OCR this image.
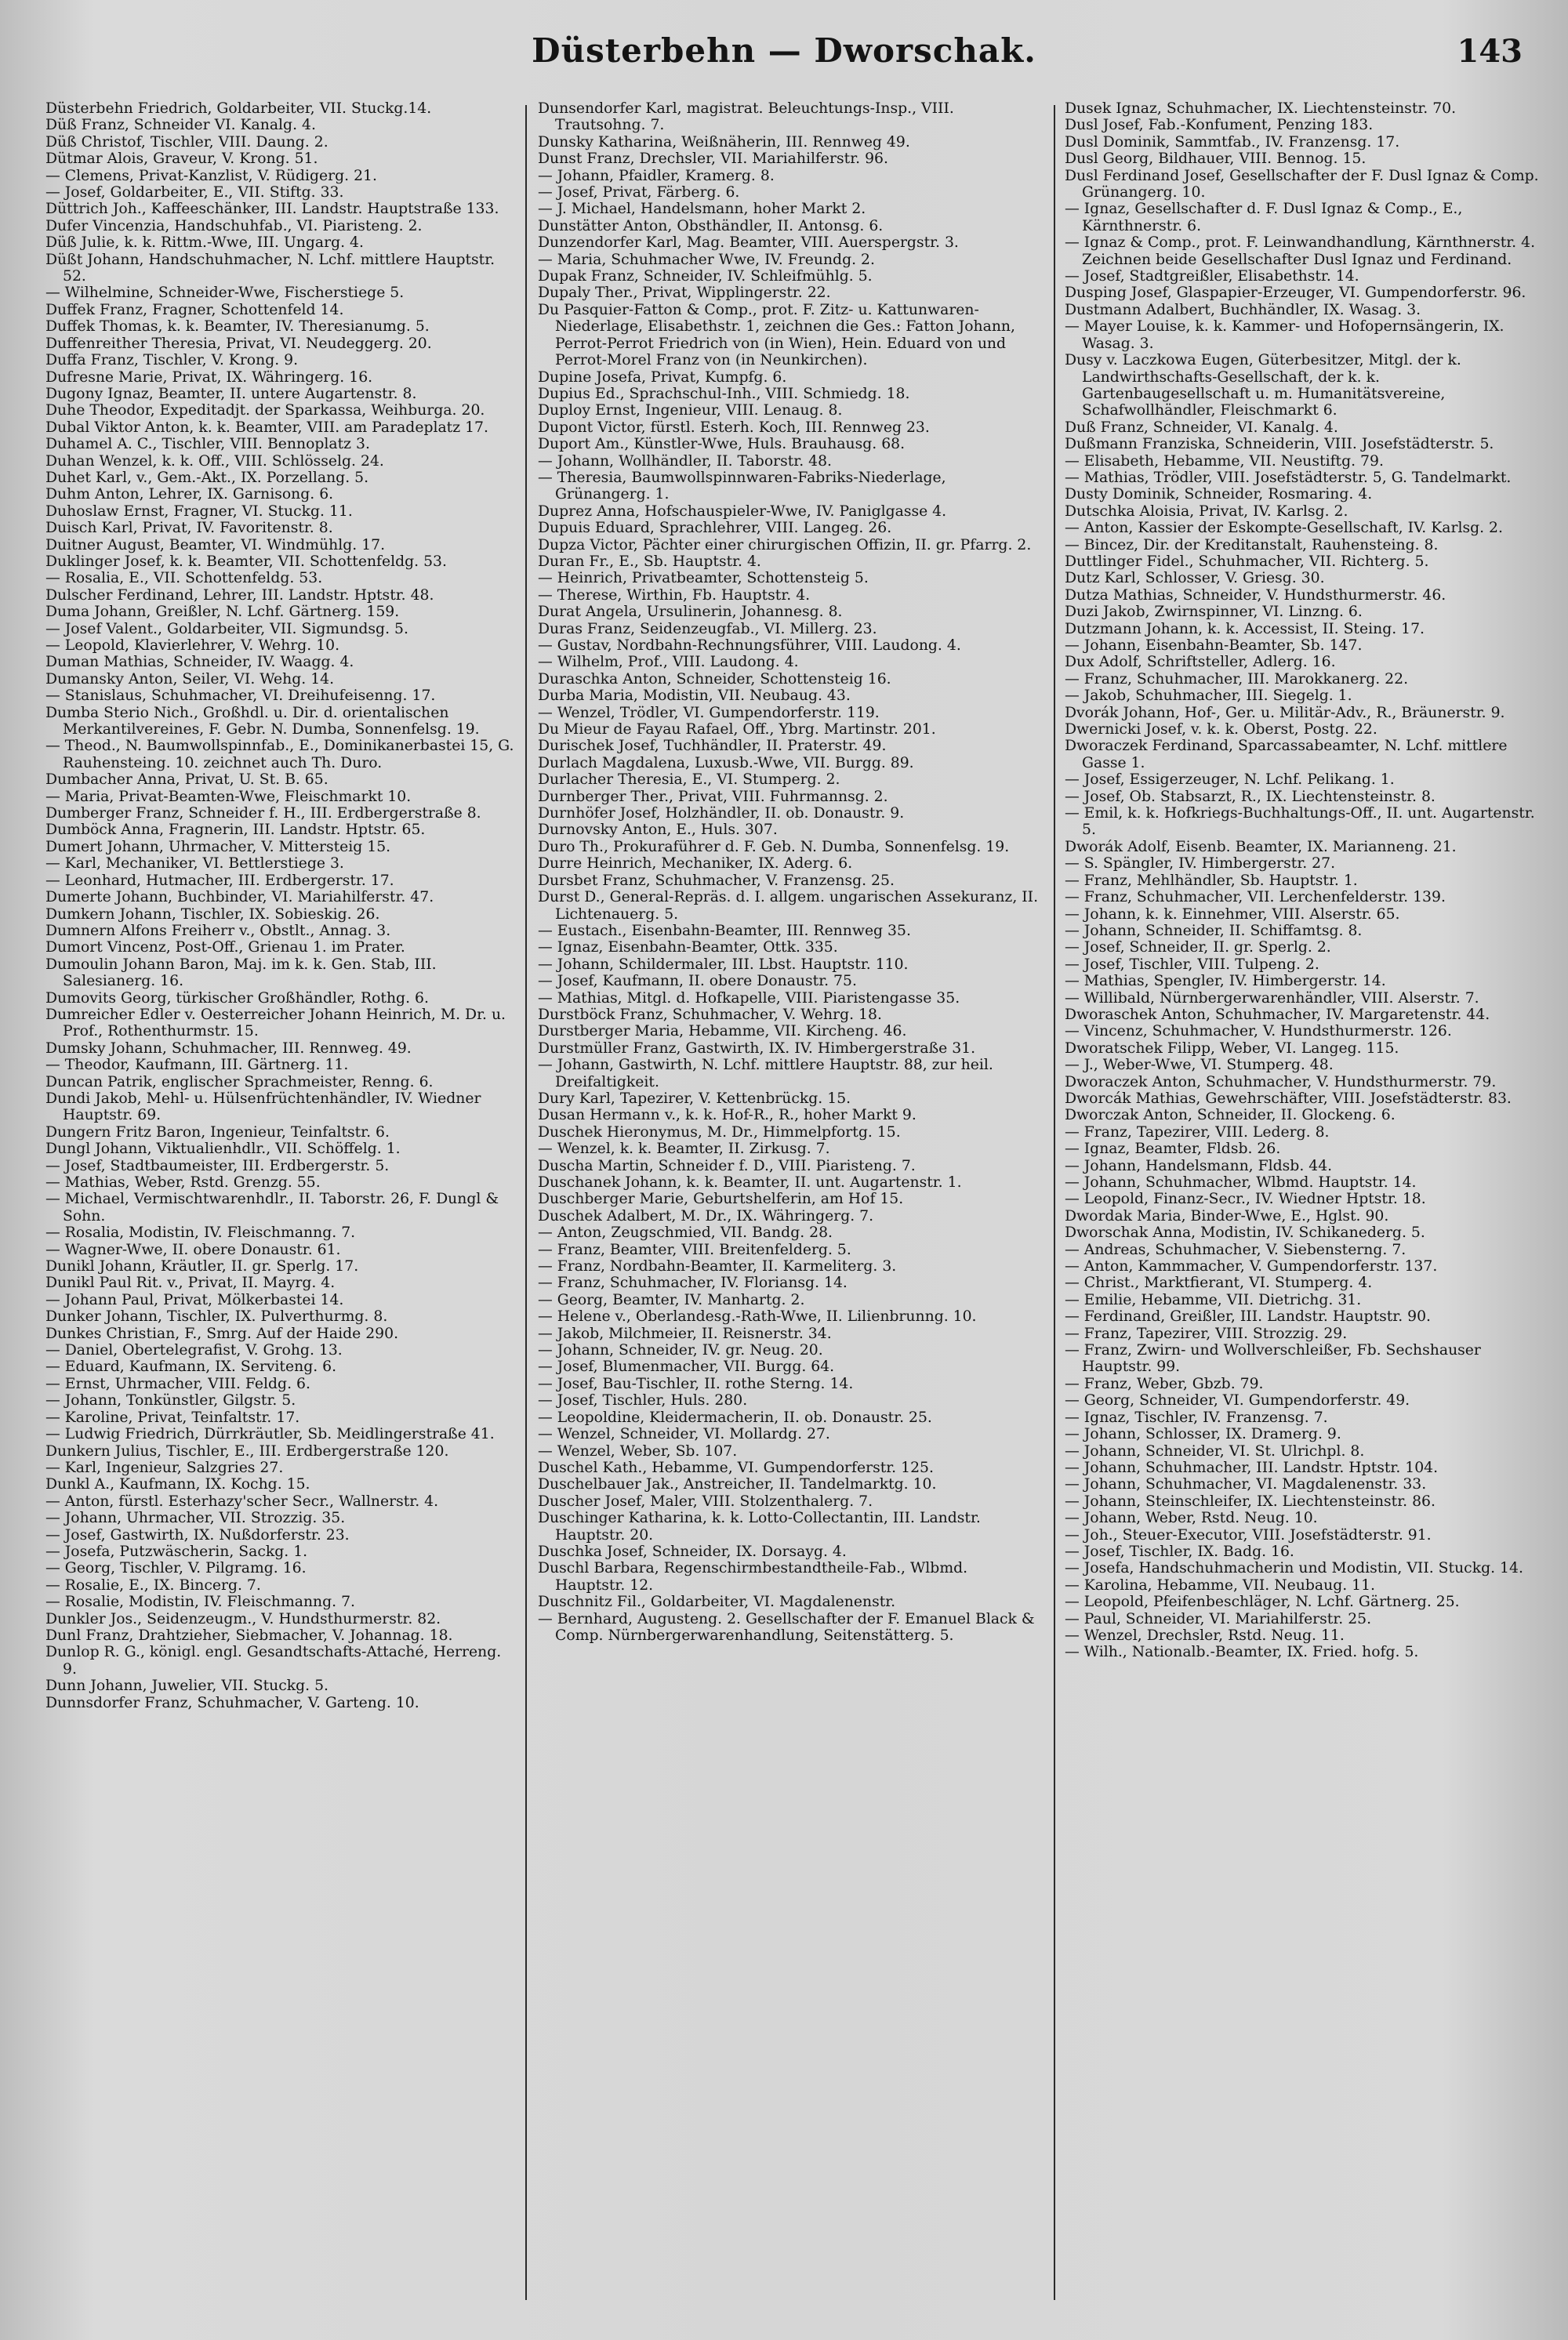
Düsterbehn — Dworschak.	143
Düsterbehn Friedrich, Goldarbeiter, VII. Stuckg.14.
Düß Franz, Schneider VI. Kanalg. 4.
Düß Christof, Tischler, VIII. Daung. 2.
Dütmar Alois, Graveur, V. Krong. 51.
— Clemens, Privat-Kanzlist, V. Rüdigerg. 21.
— Josef, Goldarbeiter, E., VII. Stiftg. 33.
Düttrich Joh., Kaffeeschänker, III. Landstr. Hauptstraße 133.
Dufer Vincenzia, Handschuhfab., VI. Piaristeng. 2.
Düß Julie, k. k. Rittm.-Wwe, III. Ungarg. 4.
Düßt Johann, Handschuhmacher, N. Lchf. mittlere Hauptstr. 52.
— Wilhelmine, Schneider-Wwe, Fischerstiege 5.
Duffek Franz, Fragner, Schottenfeld 14.
Duffek Thomas, k. k. Beamter, IV. Theresianumg. 5.
Duffenreither Theresia, Privat, VI. Neudeggerg. 20.
Duffa Franz, Tischler, V. Krong. 9.
Dufresne Marie, Privat, IX. Währingerg. 16.
Dugony Ignaz, Beamter, II. untere Augartenstr. 8.
Duhe Theodor, Expeditadjt. der Sparkassa, Weihburga. 20.
Dubal Viktor Anton, k. k. Beamter, VIII. am Paradeplatz 17.
Duhamel A. C., Tischler, VIII. Bennoplatz 3.
Duhan Wenzel, k. k. Off., VIII. Schlösselg. 24.
Duhet Karl, v., Gem.-Akt., IX. Porzellang. 5.
Duhm Anton, Lehrer, IX. Garnisong. 6.
Duhoslaw Ernst, Fragner, VI. Stuckg. 11.
Duisch Karl, Privat, IV. Favoritenstr. 8.
Duitner August, Beamter, VI. Windmühlg. 17.
Duklinger Josef, k. k. Beamter, VII. Schottenfeldg. 53.
— Rosalia, E., VII. Schottenfeldg. 53.
Dulscher Ferdinand, Lehrer, III. Landstr. Hptstr. 48.
Duma Johann, Greißler, N. Lchf. Gärtnerg. 159.
— Josef Valent., Goldarbeiter, VII. Sigmundsg. 5.
— Leopold, Klavierlehrer, V. Wehrg. 10.
Duman Mathias, Schneider, IV. Waagg. 4.
Dumansky Anton, Seiler, VI. Wehg. 14.
— Stanislaus, Schuhmacher, VI. Dreihufeisenng. 17.
Dumba Sterio Nich., Großhdl. u. Dir. d. orientalischen Merkantilvereines, F. Gebr. N. Dumba, Sonnenfelsg. 19.
— Theod., N. Baumwollspinnfab., E., Dominikanerbastei 15, G. Rauhensteing. 10. zeichnet auch Th. Duro.
Dumbacher Anna, Privat, U. St. B. 65.
— Maria, Privat-Beamten-Wwe, Fleischmarkt 10.
Dumberger Franz, Schneider f. H., III. Erdbergerstraße 8.
Dumböck Anna, Fragnerin, III. Landstr. Hptstr. 65.
Dumert Johann, Uhrmacher, V. Mittersteig 15.
— Karl, Mechaniker, VI. Bettlerstiege 3.
— Leonhard, Hutmacher, III. Erdbergerstr. 17.
Dumerte Johann, Buchbinder, VI. Mariahilferstr. 47.
Dumkern Johann, Tischler, IX. Sobieskig. 26.
Dumnern Alfons Freiherr v., Obstlt., Annag. 3.
Dumort Vincenz, Post-Off., Grienau 1. im Prater.
Dumoulin Johann Baron, Maj. im k. k. Gen. Stab, III. Salesianerg. 16.
Dumovits Georg, türkischer Großhändler, Rothg. 6.
Dumreicher Edler v. Oesterreicher Johann Heinrich, M. Dr. u. Prof., Rothenthurmstr. 15.
Dumsky Johann, Schuhmacher, III. Rennweg. 49.
— Theodor, Kaufmann, III. Gärtnerg. 11.
Duncan Patrik, englischer Sprachmeister, Renng. 6.
Dundi Jakob, Mehl- u. Hülsenfrüchtenhändler, IV. Wiedner Hauptstr. 69.
Dungern Fritz Baron, Ingenieur, Teinfaltstr. 6.
Dungl Johann, Viktualienhdlr., VII. Schöffelg. 1.
— Josef, Stadtbaumeister, III. Erdbergerstr. 5.
— Mathias, Weber, Rstd. Grenzg. 55.
— Michael, Vermischtwarenhdlr., II. Taborstr. 26, F. Dungl & Sohn.
— Rosalia, Modistin, IV. Fleischmanng. 7.
— Wagner-Wwe, II. obere Donaustr. 61.
Dunikl Johann, Kräutler, II. gr. Sperlg. 17.
Dunikl Paul Rit. v., Privat, II. Mayrg. 4.
— Johann Paul, Privat, Mölkerbastei 14.
Dunker Johann, Tischler, IX. Pulverthurmg. 8.
Dunkes Christian, F., Smrg. Auf der Haide 290.
— Daniel, Obertelegrafist, V. Grohg. 13.
— Eduard, Kaufmann, IX. Serviteng. 6.
— Ernst, Uhrmacher, VIII. Feldg. 6.
— Johann, Tonkünstler, Gilgstr. 5.
— Karoline, Privat, Teinfaltstr. 17.
— Ludwig Friedrich, Dürrkräutler, Sb. Meidlingerstraße 41.
Dunkern Julius, Tischler, E., III. Erdbergerstraße 120.
— Karl, Ingenieur, Salzgries 27.
Dunkl A., Kaufmann, IX. Kochg. 15.
— Anton, fürstl. Esterhazy'scher Secr., Wallnerstr. 4.
— Johann, Uhrmacher, VII. Strozzig. 35.
— Josef, Gastwirth, IX. Nußdorferstr. 23.
— Josefa, Putzwäscherin, Sackg. 1.
— Georg, Tischler, V. Pilgramg. 16.
— Rosalie, E., IX. Bincerg. 7.
— Rosalie, Modistin, IV. Fleischmanng. 7.
Dunkler Jos., Seidenzeugm., V. Hundsthurmerstr. 82.
Dunl Franz, Drahtzieher, Siebmacher, V. Johannag. 18.
Dunlop R. G., königl. engl. Gesandtschafts-Attaché, Herreng. 9.
Dunn Johann, Juwelier, VII. Stuckg. 5.
Dunnsdorfer Franz, Schuhmacher, V. Garteng. 10.
Dunsendorfer Karl, magistrat. Beleuchtungs-Insp., VIII. Trautsohng. 7.
Dunsky Katharina, Weißnäherin, III. Rennweg 49.
Dunst Franz, Drechsler, VII. Mariahilferstr. 96.
— Johann, Pfaidler, Kramerg. 8.
— Josef, Privat, Färberg. 6.
— J. Michael, Handelsmann, hoher Markt 2.
Dunstätter Anton, Obsthändler, II. Antonsg. 6.
Dunzendorfer Karl, Mag. Beamter, VIII. Auerspergstr. 3.
— Maria, Schuhmacher Wwe, IV. Freundg. 2.
Dupak Franz, Schneider, IV. Schleifmühlg. 5.
Dupaly Ther., Privat, Wipplingerstr. 22.
Du Pasquier-Fatton & Comp., prot. F. Zitz- u. Kattunwaren-Niederlage, Elisabethstr. 1, zeichnen die Ges.: Fatton Johann, Perrot-Perrot Friedrich von (in Wien), Hein. Eduard von und Perrot-Morel Franz von (in Neunkirchen).
Dupine Josefa, Privat, Kumpfg. 6.
Dupius Ed., Sprachschul-Inh., VIII. Schmiedg. 18.
Duploy Ernst, Ingenieur, VIII. Lenaug. 8.
Dupont Victor, fürstl. Esterh. Koch, III. Rennweg 23.
Duport Am., Künstler-Wwe, Huls. Brauhausg. 68.
— Johann, Wollhändler, II. Taborstr. 48.
— Theresia, Baumwollspinnwaren-Fabriks-Niederlage, Grünangerg. 1.
Duprez Anna, Hofschauspieler-Wwe, IV. Paniglgasse 4.
Dupuis Eduard, Sprachlehrer, VIII. Langeg. 26.
Dupza Victor, Pächter einer chirurgischen Offizin, II. gr. Pfarrg. 2.
Duran Fr., E., Sb. Hauptstr. 4.
— Heinrich, Privatbeamter, Schottensteig 5.
— Therese, Wirthin, Fb. Hauptstr. 4.
Durat Angela, Ursulinerin, Johannesg. 8.
Duras Franz, Seidenzeugfab., VI. Millerg. 23.
— Gustav, Nordbahn-Rechnungsführer, VIII. Laudong. 4.
— Wilhelm, Prof., VIII. Laudong. 4.
Duraschka Anton, Schneider, Schottensteig 16.
Durba Maria, Modistin, VII. Neubaug. 43.
— Wenzel, Trödler, VI. Gumpendorferstr. 119.
Du Mieur de Fayau Rafael, Off., Ybrg. Martinstr. 201.
Durischek Josef, Tuchhändler, II. Praterstr. 49.
Durlach Magdalena, Luxusb.-Wwe, VII. Burgg. 89.
Durlacher Theresia, E., VI. Stumperg. 2.
Durnberger Ther., Privat, VIII. Fuhrmannsg. 2.
Durnhöfer Josef, Holzhändler, II. ob. Donaustr. 9.
Durnovsky Anton, E., Huls. 307.
Duro Th., Prokuraführer d. F. Geb. N. Dumba, Sonnenfelsg. 19.
Durre Heinrich, Mechaniker, IX. Aderg. 6.
Dursbet Franz, Schuhmacher, V. Franzensg. 25.
Durst D., General-Repräs. d. I. allgem. ungarischen Assekuranz, II. Lichtenauerg. 5.
— Eustach., Eisenbahn-Beamter, III. Rennweg 35.
— Ignaz, Eisenbahn-Beamter, Ottk. 335.
— Johann, Schildermaler, III. Lbst. Hauptstr. 110.
— Josef, Kaufmann, II. obere Donaustr. 75.
— Mathias, Mitgl. d. Hofkapelle, VIII. Piaristengasse 35.
Durstböck Franz, Schuhmacher, V. Wehrg. 18.
Durstberger Maria, Hebamme, VII. Kircheng. 46.
Durstmüller Franz, Gastwirth, IX. IV. Himbergerstraße 31.
— Johann, Gastwirth, N. Lchf. mittlere Hauptstr. 88, zur heil. Dreifaltigkeit.
Dury Karl, Tapezirer, V. Kettenbrückg. 15.
Dusan Hermann v., k. k. Hof-R., R., hoher Markt 9.
Duschek Hieronymus, M. Dr., Himmelpfortg. 15.
— Wenzel, k. k. Beamter, II. Zirkusg. 7.
Duscha Martin, Schneider f. D., VIII. Piaristeng. 7.
Duschanek Johann, k. k. Beamter, II. unt. Augartenstr. 1.
Duschberger Marie, Geburtshelferin, am Hof 15.
Duschek Adalbert, M. Dr., IX. Währingerg. 7.
— Anton, Zeugschmied, VII. Bandg. 28.
— Franz, Beamter, VIII. Breitenfelderg. 5.
— Franz, Nordbahn-Beamter, II. Karmeliterg. 3.
— Franz, Schuhmacher, IV. Floriansg. 14.
— Georg, Beamter, IV. Manhartg. 2.
— Helene v., Oberlandesg.-Rath-Wwe, II. Lilienbrunng. 10.
— Jakob, Milchmeier, II. Reisnerstr. 34.
— Johann, Schneider, IV. gr. Neug. 20.
— Josef, Blumenmacher, VII. Burgg. 64.
— Josef, Bau-Tischler, II. rothe Sterng. 14.
— Josef, Tischler, Huls. 280.
— Leopoldine, Kleidermacherin, II. ob. Donaustr. 25.
— Wenzel, Schneider, VI. Mollardg. 27.
— Wenzel, Weber, Sb. 107.
Duschel Kath., Hebamme, VI. Gumpendorferstr. 125.
Duschelbauer Jak., Anstreicher, II. Tandelmarktg. 10.
Duscher Josef, Maler, VIII. Stolzenthalerg. 7.
Duschinger Katharina, k. k. Lotto-Collectantin, III. Landstr. Hauptstr. 20.
Duschka Josef, Schneider, IX. Dorsayg. 4.
Duschl Barbara, Regenschirmbestandtheile-Fab., Wlbmd. Hauptstr. 12.
Duschnitz Fil., Goldarbeiter, VI. Magdalenenstr.
— Bernhard, Augusteng. 2. Gesellschafter der F. Emanuel Black & Comp. Nürnbergerwarenhandlung, Seitenstätterg. 5.
Dusek Ignaz, Schuhmacher, IX. Liechtensteinstr. 70.
Dusl Josef, Fab.-Konfument, Penzing 183.
Dusl Dominik, Sammtfab., IV. Franzensg. 17.
Dusl Georg, Bildhauer, VIII. Bennog. 15.
Dusl Ferdinand Josef, Gesellschafter der F. Dusl Ignaz & Comp. Grünangerg. 10.
— Ignaz, Gesellschafter d. F. Dusl Ignaz & Comp., E., Kärnthnerstr. 6.
— Ignaz & Comp., prot. F. Leinwandhandlung, Kärnthnerstr. 4. Zeichnen beide Gesellschafter Dusl Ignaz und Ferdinand.
— Josef, Stadtgreißler, Elisabethstr. 14.
Dusping Josef, Glaspapier-Erzeuger, VI. Gumpendorferstr. 96.
Dustmann Adalbert, Buchhändler, IX. Wasag. 3.
— Mayer Louise, k. k. Kammer- und Hofopernsängerin, IX. Wasag. 3.
Dusy v. Laczkowa Eugen, Güterbesitzer, Mitgl. der k. Landwirthschafts-Gesellschaft, der k. k. Gartenbaugesellschaft u. m. Humanitätsvereine, Schafwollhändler, Fleischmarkt 6.
Duß Franz, Schneider, VI. Kanalg. 4.
Dußmann Franziska, Schneiderin, VIII. Josefstädterstr. 5.
— Elisabeth, Hebamme, VII. Neustiftg. 79.
— Mathias, Trödler, VIII. Josefstädterstr. 5, G. Tandelmarkt.
Dusty Dominik, Schneider, Rosmaring. 4.
Dutschka Aloisia, Privat, IV. Karlsg. 2.
— Anton, Kassier der Eskompte-Gesellschaft, IV. Karlsg. 2.
— Bincez, Dir. der Kreditanstalt, Rauhensteing. 8.
Duttlinger Fidel., Schuhmacher, VII. Richterg. 5.
Dutz Karl, Schlosser, V. Griesg. 30.
Dutza Mathias, Schneider, V. Hundsthurmerstr. 46.
Duzi Jakob, Zwirnspinner, VI. Linzng. 6.
Dutzmann Johann, k. k. Accessist, II. Steing. 17.
— Johann, Eisenbahn-Beamter, Sb. 147.
Dux Adolf, Schriftsteller, Adlerg. 16.
— Franz, Schuhmacher, III. Marokkanerg. 22.
— Jakob, Schuhmacher, III. Siegelg. 1.
Dvorák Johann, Hof-, Ger. u. Militär-Adv., R., Bräunerstr. 9.
Dwernicki Josef, v. k. k. Oberst, Postg. 22.
Dworaczek Ferdinand, Sparcassabeamter, N. Lchf. mittlere Gasse 1.
— Josef, Essigerzeuger, N. Lchf. Pelikang. 1.
— Josef, Ob. Stabsarzt, R., IX. Liechtensteinstr. 8.
— Emil, k. k. Hofkriegs-Buchhaltungs-Off., II. unt. Augartenstr. 5.
Dworák Adolf, Eisenb. Beamter, IX. Marianneng. 21.
— S. Spängler, IV. Himbergerstr. 27.
— Franz, Mehlhändler, Sb. Hauptstr. 1.
— Franz, Schuhmacher, VII. Lerchenfelderstr. 139.
— Johann, k. k. Einnehmer, VIII. Alserstr. 65.
— Johann, Schneider, II. Schiffamtsg. 8.
— Josef, Schneider, II. gr. Sperlg. 2.
— Josef, Tischler, VIII. Tulpeng. 2.
— Mathias, Spengler, IV. Himbergerstr. 14.
— Willibald, Nürnbergerwarenhändler, VIII. Alserstr. 7.
Dworaschek Anton, Schuhmacher, IV. Margaretenstr. 44.
— Vincenz, Schuhmacher, V. Hundsthurmerstr. 126.
Dworatschek Filipp, Weber, VI. Langeg. 115.
— J., Weber-Wwe, VI. Stumperg. 48.
Dworaczek Anton, Schuhmacher, V. Hundsthurmerstr. 79.
Dworcák Mathias, Gewehrschäfter, VIII. Josefstädterstr. 83.
Dworczak Anton, Schneider, II. Glockeng. 6.
— Franz, Tapezirer, VIII. Lederg. 8.
— Ignaz, Beamter, Fldsb. 26.
— Johann, Handelsmann, Fldsb. 44.
— Johann, Schuhmacher, Wlbmd. Hauptstr. 14.
— Leopold, Finanz-Secr., IV. Wiedner Hptstr. 18.
Dwordak Maria, Binder-Wwe, E., Hglst. 90.
Dworschak Anna, Modistin, IV. Schikanederg. 5.
— Andreas, Schuhmacher, V. Siebensterng. 7.
— Anton, Kammmacher, V. Gumpendorferstr. 137.
— Christ., Marktfierant, VI. Stumperg. 4.
— Emilie, Hebamme, VII. Dietrichg. 31.
— Ferdinand, Greißler, III. Landstr. Hauptstr. 90.
— Franz, Tapezirer, VIII. Strozzig. 29.
— Franz, Zwirn- und Wollverschleißer, Fb. Sechshauser Hauptstr. 99.
— Franz, Weber, Gbzb. 79.
— Georg, Schneider, VI. Gumpendorferstr. 49.
— Ignaz, Tischler, IV. Franzensg. 7.
— Johann, Schlosser, IX. Dramerg. 9.
— Johann, Schneider, VI. St. Ulrichpl. 8.
— Johann, Schuhmacher, III. Landstr. Hptstr. 104.
— Johann, Schuhmacher, VI. Magdalenenstr. 33.
— Johann, Steinschleifer, IX. Liechtensteinstr. 86.
— Johann, Weber, Rstd. Neug. 10.
— Joh., Steuer-Executor, VIII. Josefstädterstr. 91.
— Josef, Tischler, IX. Badg. 16.
— Josefa, Handschuhmacherin und Modistin, VII. Stuckg. 14.
— Karolina, Hebamme, VII. Neubaug. 11.
— Leopold, Pfeifenbeschläger, N. Lchf. Gärtnerg. 25.
— Paul, Schneider, VI. Mariahilferstr. 25.
— Wenzel, Drechsler, Rstd. Neug. 11.
— Wilh., Nationalb.-Beamter, IX. Fried. hofg. 5.
